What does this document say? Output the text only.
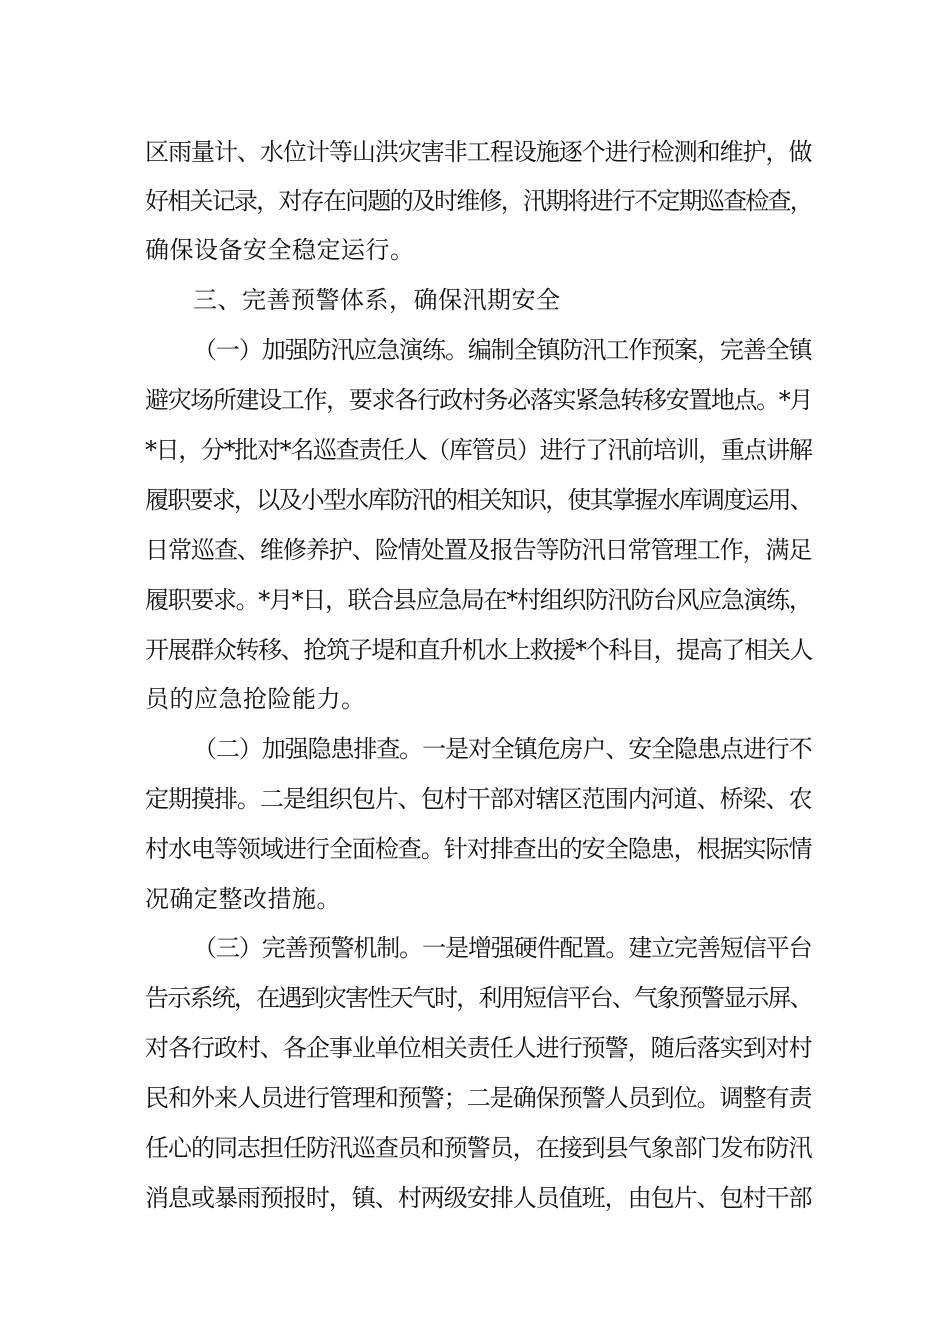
区雨量计、水位计等山洪灾害非工程设施逐个进行检测和维护，做
好相关记录，对存在问题的及时维修，汛期将进行不定期巡查检查，
确保设备安全稳定运行。
三、完善预警体系，确保汛期安全
（一）加强防汛应急演练。编制全镇防汛工作预案，完善全镇
避灾场所建设工作，要求各行政村务必落实紧急转移安置地点。*月
*日，分*批对*名巡查责任人（库管员）进行了汛前培训，重点讲解
履职要求，以及小型水库防汛的相关知识，使其掌握水库调度运用、
日常巡查、维修养护、险情处置及报告等防汛日常管理工作，满足
履职要求。*月*日，联合县应急局在*村组织防汛防台风应急演练，
开展群众转移、抢筑子堤和直升机水上救援*个科目，提高了相关人
员的应急抢险能力。
（二）加强隐患排查。一是对全镇危房户、安全隐患点进行不
定期摸排。二是组织包片、包村干部对辖区范围内河道、桥梁、农
村水电等领域进行全面检查。针对排查出的安全隐患，根据实际情
况确定整改措施。
（三）完善预警机制。一是增强硬件配置。建立完善短信平台
告示系统，在遇到灾害性天气时，利用短信平台、气象预警显示屏、
对各行政村、各企事业单位相关责任人进行预警，随后落实到对村
民和外来人员进行管理和预警；二是确保预警人员到位。调整有责
任心的同志担任防汛巡查员和预警员，在接到县气象部门发布防汛
消息或暴雨预报时，镇、村两级安排人员值班，由包片、包村干部
